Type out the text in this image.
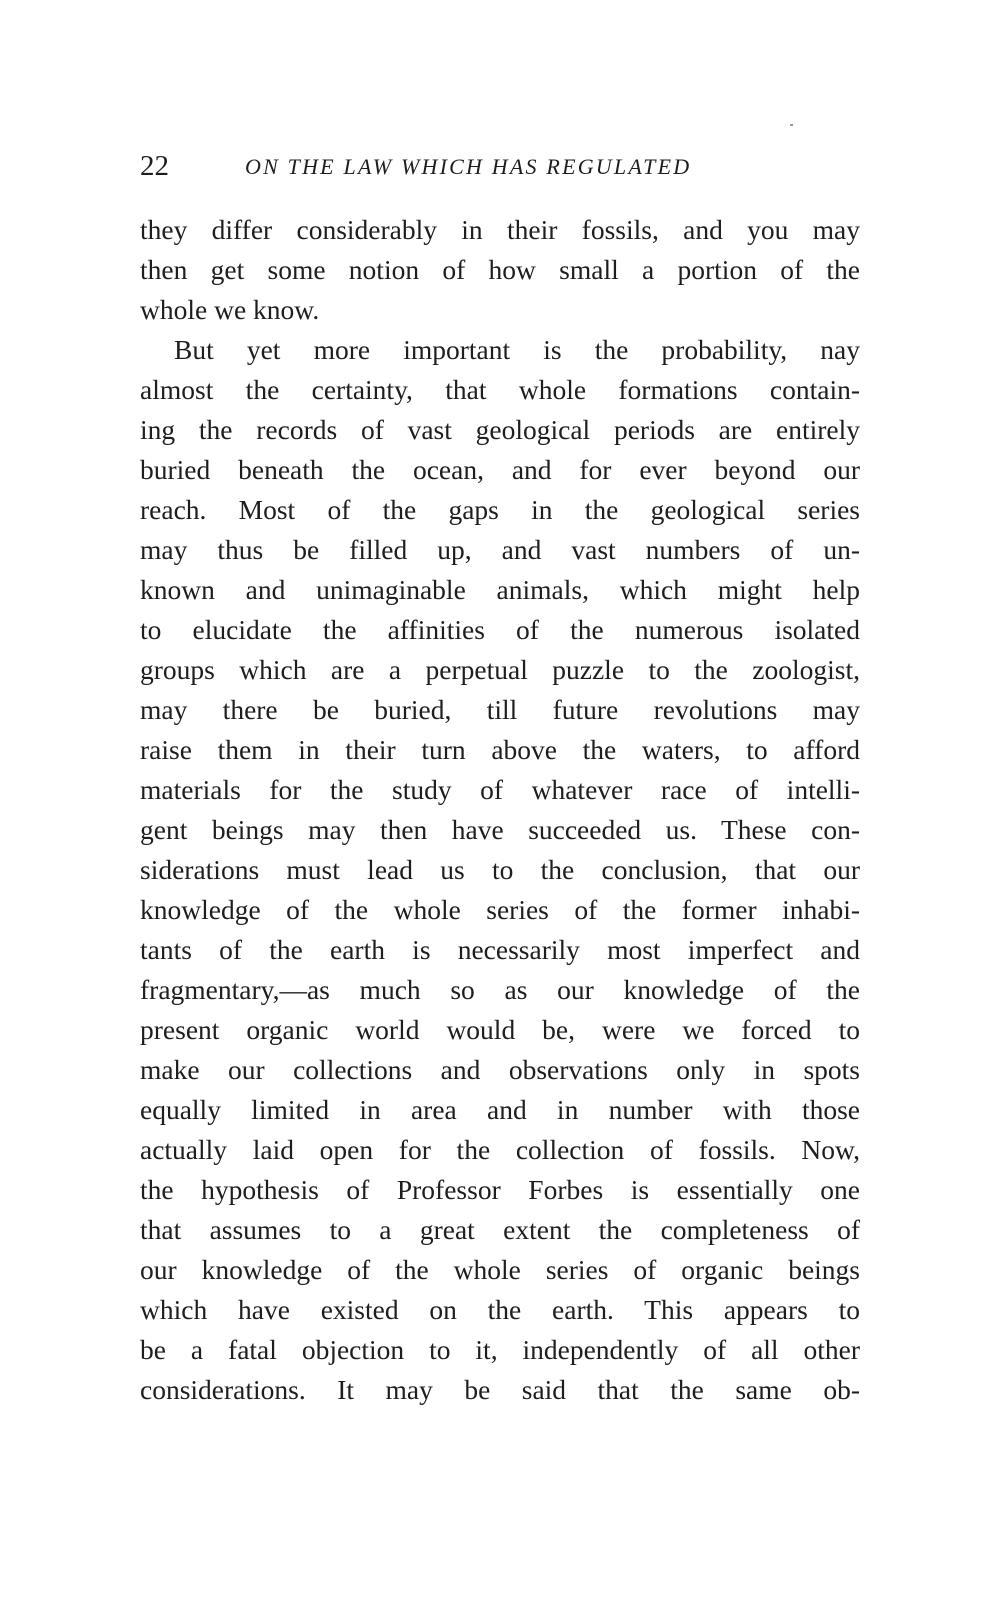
22	ON THE LAW WHICH HAS REGULATED
they differ considerably in their fossils, and you may
then get some notion of how small a portion of the
whole we know.
But yet more important is the probability, nay
almost the certainty, that whole formations contain-
ing the records of vast geological periods are entirely
buried beneath the ocean, and for ever beyond our
reach. Most of the gaps in the geological series
may thus be filled up, and vast numbers of un-
known and unimaginable animals, which might help
to elucidate the affinities of the numerous isolated
groups which are a perpetual puzzle to the zoologist,
may there be buried, till future revolutions may
raise them in their turn above the waters, to afford
materials for the study of whatever race of intelli-
gent beings may then have succeeded us. These con-
siderations must lead us to the conclusion, that our
knowledge of the whole series of the former inhabi-
tants of the earth is necessarily most imperfect and
fragmentary,—as much so as our knowledge of the
present organic world would be, were we forced to
make our collections and observations only in spots
equally limited in area and in number with those
actually laid open for the collection of fossils. Now,
the hypothesis of Professor Forbes is essentially one
that assumes to a great extent the completeness of
our knowledge of the whole series of organic beings
which have existed on the earth. This appears to
be a fatal objection to it, independently of all other
considerations. It may be said that the same ob-
